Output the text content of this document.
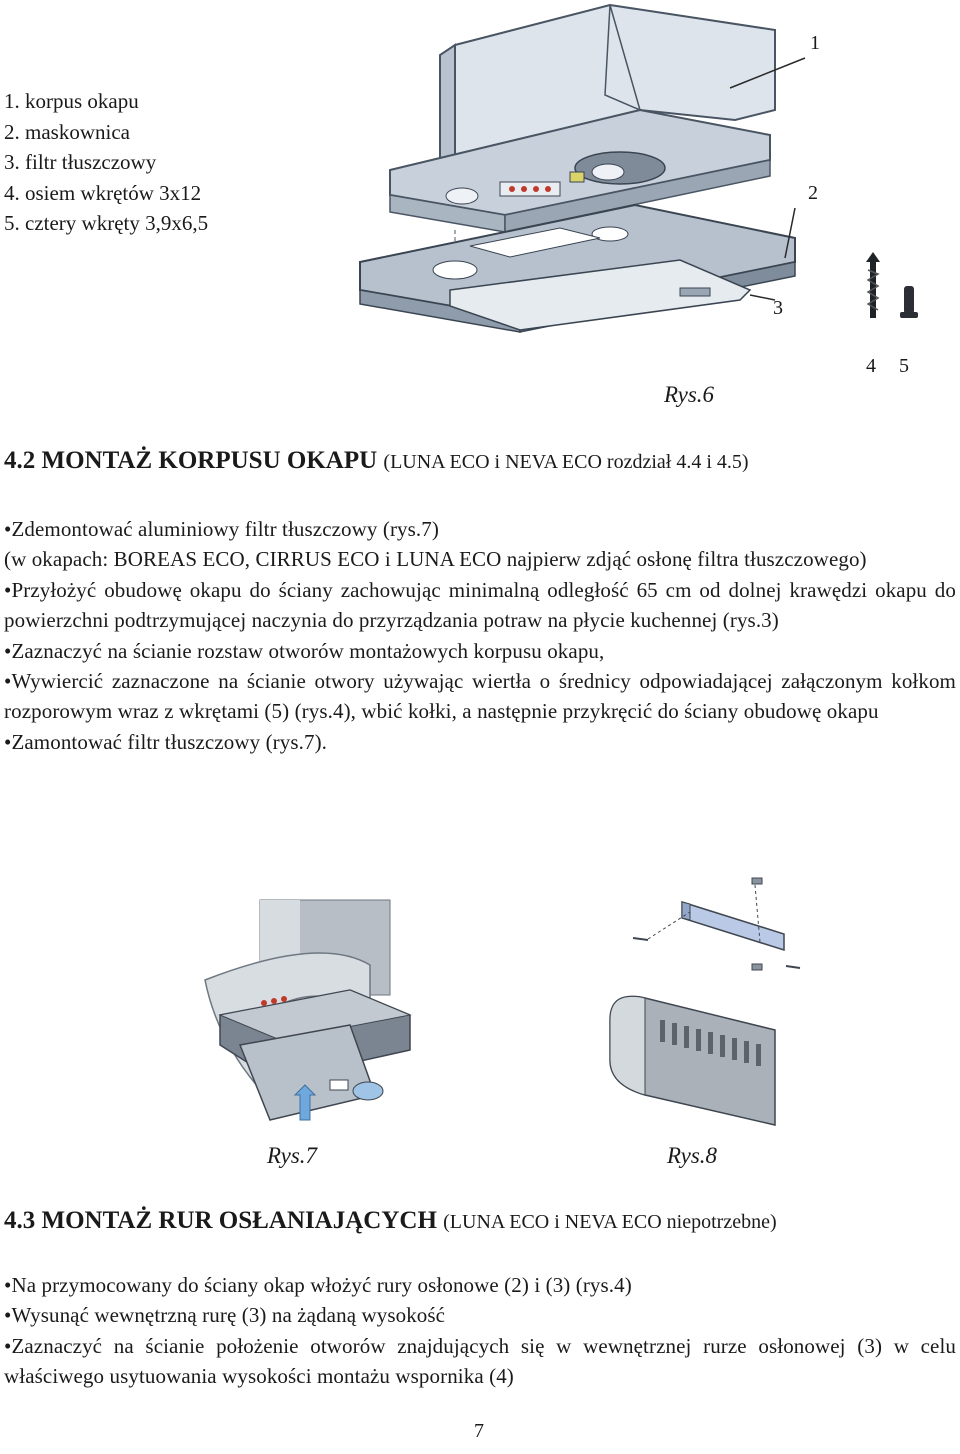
1. korpus okapu
2. maskownica
3. filtr tłuszczowy
4. osiem wkrętów 3x12
5. cztery wkręty 3,9x6,5
1
2
3
4 5
Rys.6
4.2 MONTAŻ KORPUSU OKAPU (LUNA ECO i NEVA ECO rozdział 4.4 i 4.5)

•Zdemontować aluminiowy filtr tłuszczowy (rys.7)

(w okapach: BOREAS ECO, CIRRUS ECO i LUNA ECO najpierw zdjąć osłonę filtra tłuszczowego)

•Przyłożyć obudowę okapu do ściany zachowując minimalną odległość 65 cm od dolnej krawędzi okapu do powierzchni podtrzymującej naczynia do przyrządzania potraw na płycie kuchennej (rys.3)

•Zaznaczyć na ścianie rozstaw otworów montażowych korpusu okapu,

•Wywiercić zaznaczone na ścianie otwory używając wiertła o średnicy odpowiadającej załączonym kołkom rozporowym wraz z wkrętami (5) (rys.4), wbić kołki, a następnie przykręcić do ściany obudowę okapu

•Zamontować filtr tłuszczowy (rys.7).

Rys.7	Rys.8
4.3 MONTAŻ RUR OSŁANIAJĄCYCH (LUNA ECO i NEVA ECO niepotrzebne)

•Na przymocowany do ściany okap włożyć rury osłonowe (2) i (3) (rys.4)

•Wysunąć wewnętrzną rurę (3) na żądaną wysokość

•Zaznaczyć na ścianie położenie otworów znajdujących się w wewnętrznej rurze osłonowej (3) w celu właściwego usytuowania wysokości montażu wspornika (4)

7
